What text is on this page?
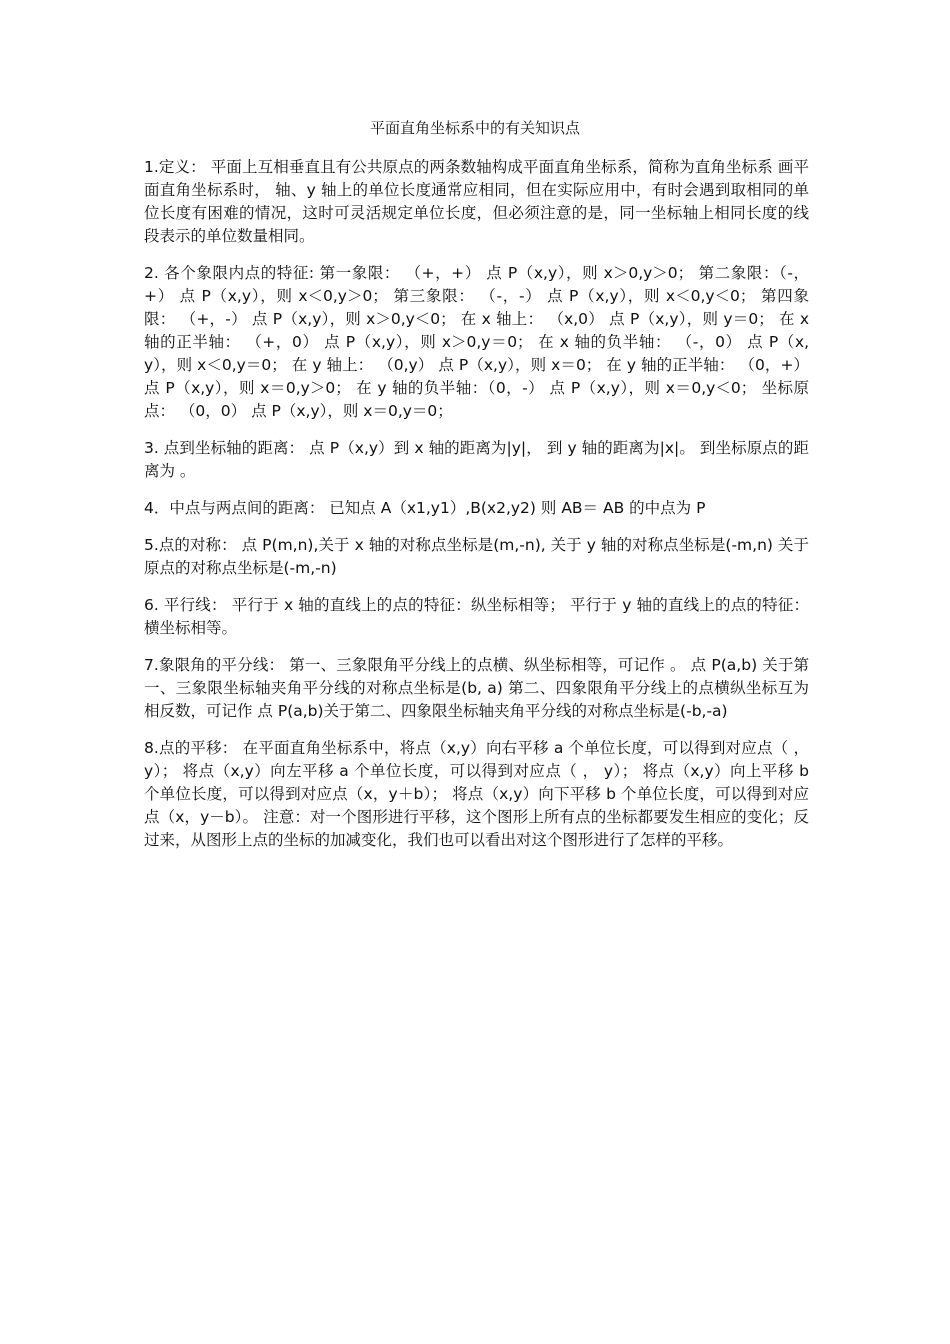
平面直角坐标系中的有关知识点

1.定义： 平面上互相垂直且有公共原点的两条数轴构成平面直角坐标系，简称为直角坐标系 画平面直角坐标系时， 轴、y 轴上的单位长度通常应相同，但在实际应用中，有时会遇到取相同的单位长度有困难的情况，这时可灵活规定单位长度，但必须注意的是，同一坐标轴上相同长度的线段表示的单位数量相同。

2. 各个象限内点的特征: 第一象限： （+，+） 点 P（x,y），则 x＞0,y＞0； 第二象限：（-，+） 点 P（x,y），则 x＜0,y＞0； 第三象限： （-，-） 点 P（x,y），则 x＜0,y＜0； 第四象限： （+，-） 点 P（x,y），则 x＞0,y＜0； 在 x 轴上： （x,0） 点 P（x,y），则 y＝0； 在 x 轴的正半轴： （+，0） 点 P（x,y），则 x＞0,y＝0； 在 x 轴的负半轴： （-，0） 点 P（x,y），则 x＜0,y＝0； 在 y 轴上： （0,y） 点 P（x,y），则 x＝0； 在 y 轴的正半轴： （0，+） 点 P（x,y），则 x＝0,y＞0； 在 y 轴的负半轴：（0，-） 点 P（x,y），则 x＝0,y＜0； 坐标原点： （0，0） 点 P（x,y），则 x＝0,y＝0；

3. 点到坐标轴的距离： 点 P（x,y）到 x 轴的距离为|y|， 到 y 轴的距离为|x|。 到坐标原点的距离为 。

4．中点与两点间的距离： 已知点 A（x1,y1）,B(x2,y2) 则 AB＝ AB 的中点为 P

5.点的对称： 点 P(m,n),关于 x 轴的对称点坐标是(m,-n), 关于 y 轴的对称点坐标是(-m,n) 关于原点的对称点坐标是(-m,-n)

6. 平行线： 平行于 x 轴的直线上的点的特征：纵坐标相等； 平行于 y 轴的直线上的点的特征：横坐标相等。

7.象限角的平分线： 第一、三象限角平分线上的点横、纵坐标相等，可记作 。 点 P(a,b) 关于第一、三象限坐标轴夹角平分线的对称点坐标是(b, a) 第二、四象限角平分线上的点横纵坐标互为相反数，可记作 点 P(a,b)关于第二、四象限坐标轴夹角平分线的对称点坐标是(-b,-a)

8.点的平移： 在平面直角坐标系中，将点（x,y）向右平移 a 个单位长度，可以得到对应点（ ， y）； 将点（x,y）向左平移 a 个单位长度，可以得到对应点（ ， y）； 将点（x,y）向上平移 b 个单位长度，可以得到对应点（x，y＋b）； 将点（x,y）向下平移 b 个单位长度，可以得到对应点（x，y－b）。 注意：对一个图形进行平移，这个图形上所有点的坐标都要发生相应的变化；反过来，从图形上点的坐标的加减变化，我们也可以看出对这个图形进行了怎样的平移。
